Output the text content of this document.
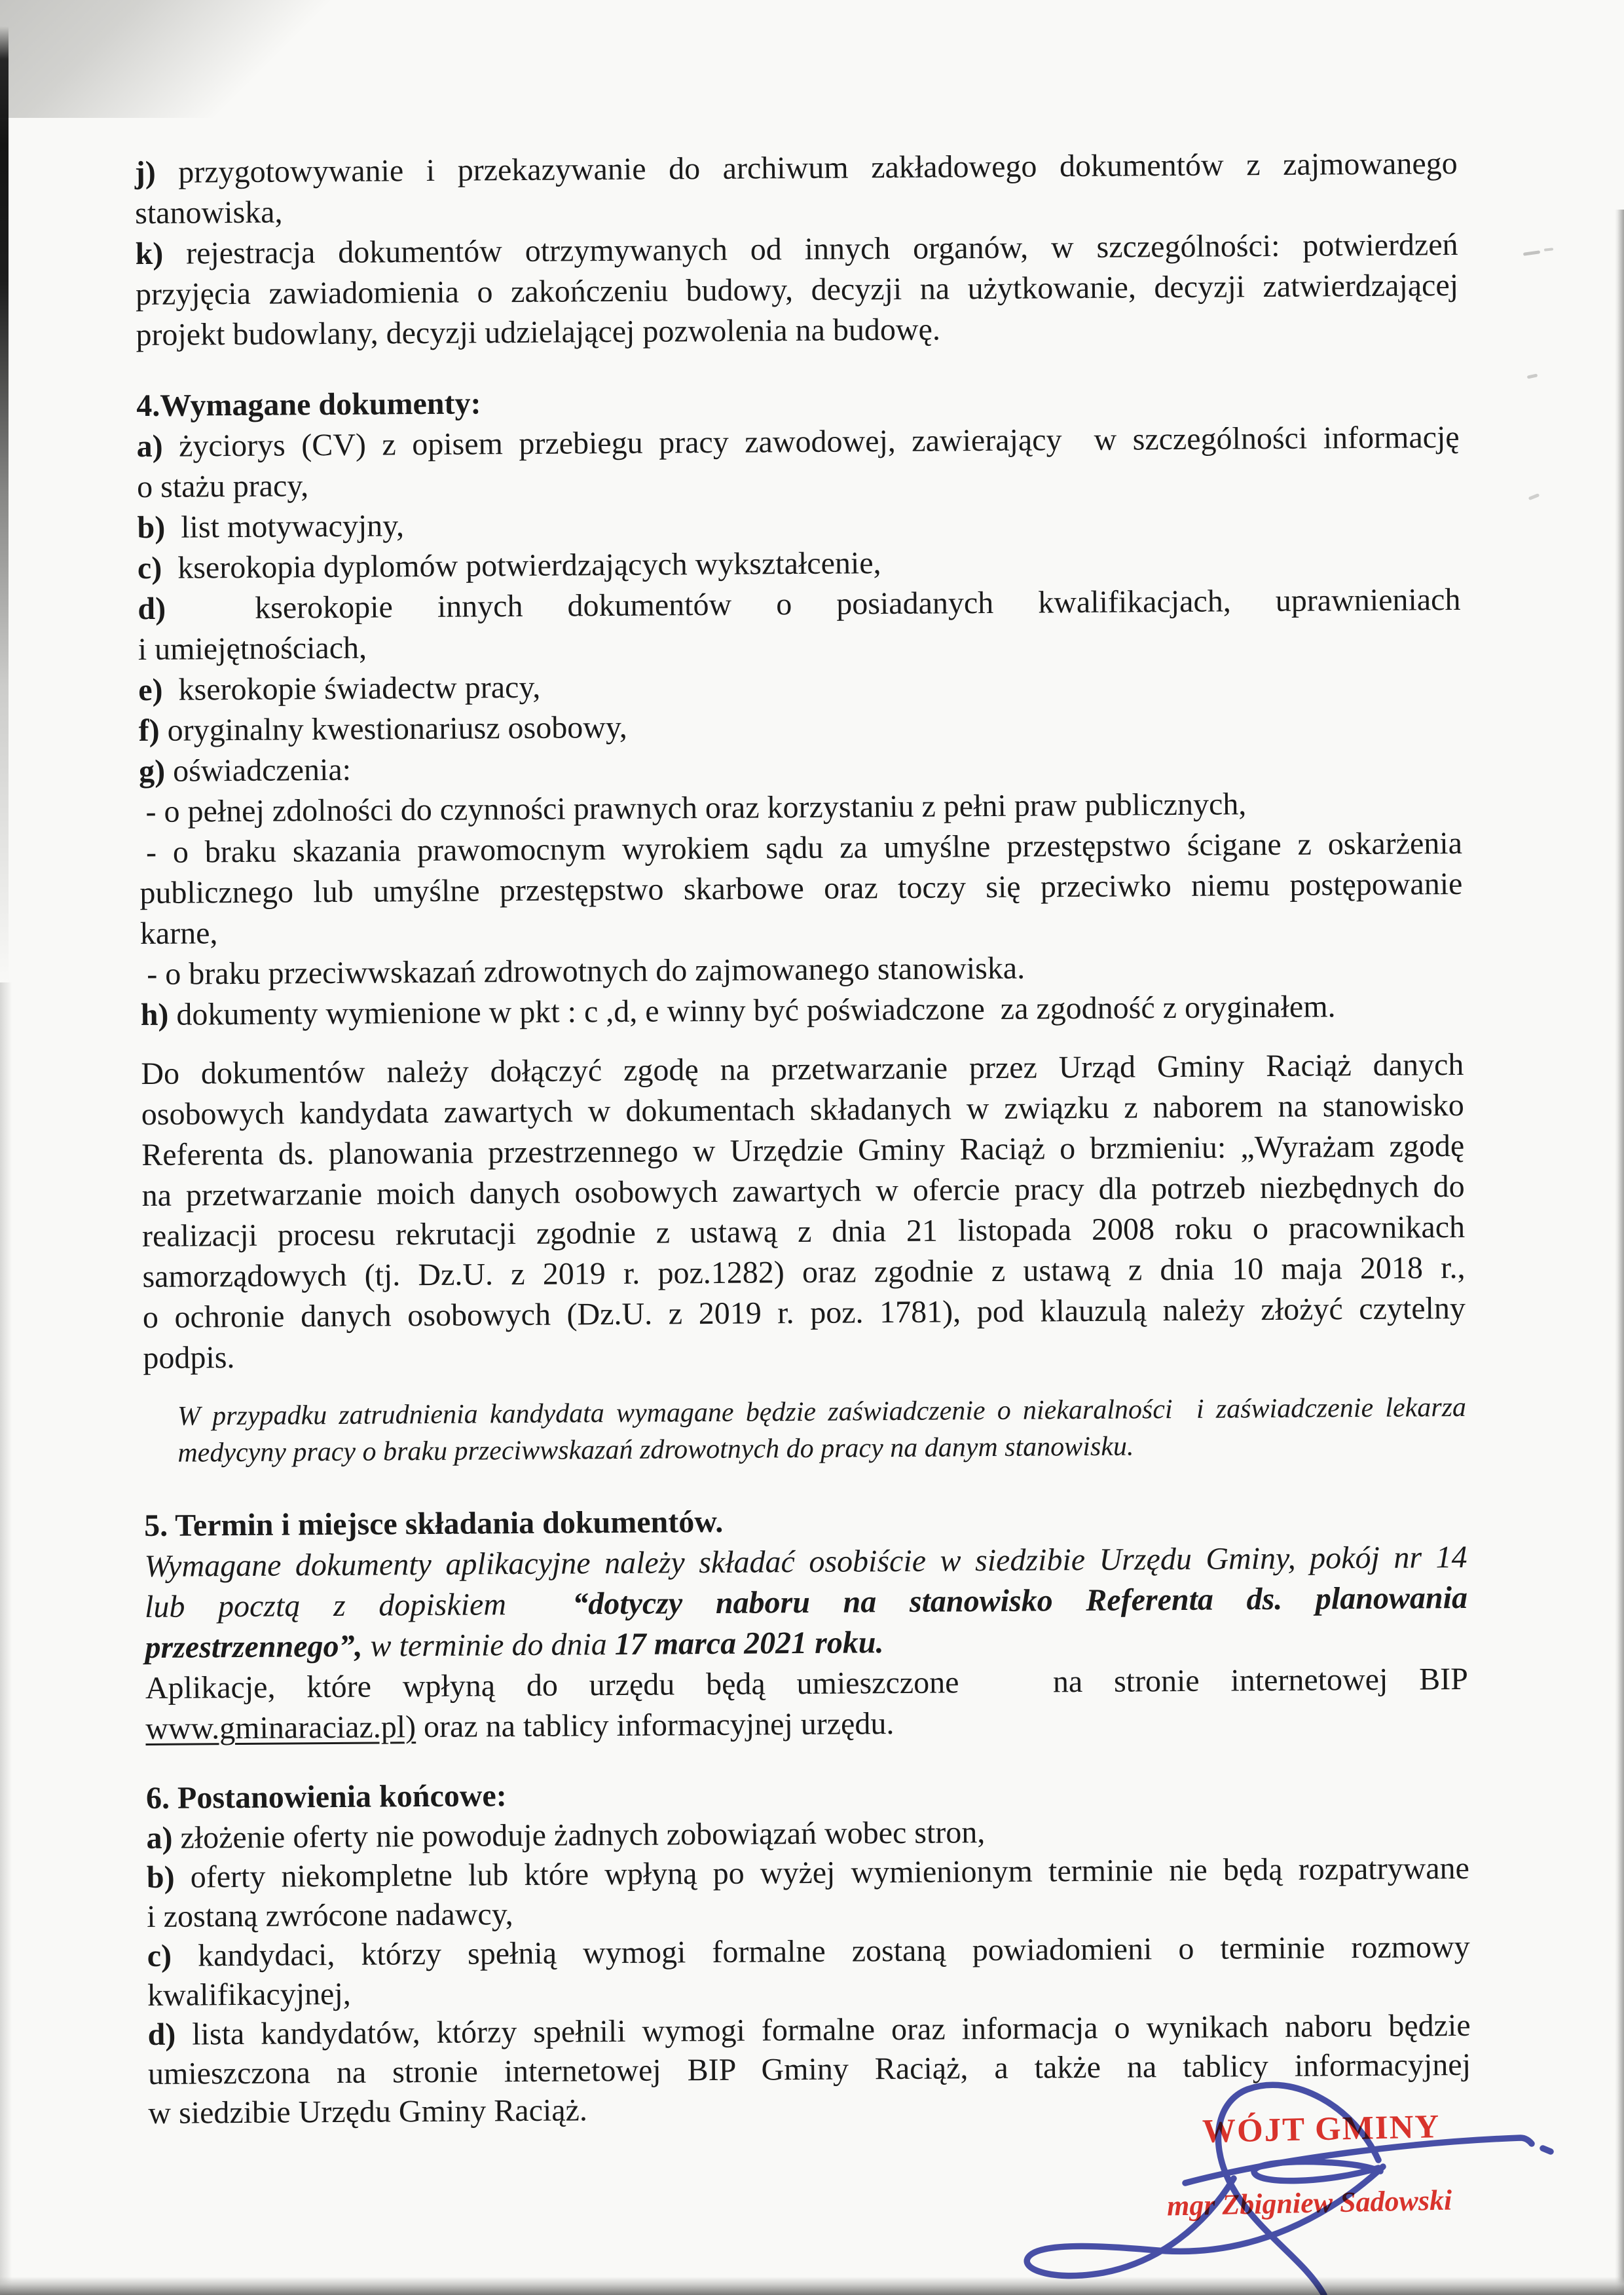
j) przygotowywanie i przekazywanie do archiwum zakładowego dokumentów z zajmowanego
stanowiska,
k) rejestracja dokumentów otrzymywanych od innych organów, w szczególności: potwierdzeń
przyjęcia zawiadomienia o zakończeniu budowy, decyzji na użytkowanie, decyzji zatwierdzającej
projekt budowlany, decyzji udzielającej pozwolenia na budowę.
4.Wymagane dokumenty:
a) życiorys (CV) z opisem przebiegu pracy zawodowej, zawierający  w szczególności informację
o stażu pracy,
b)  list motywacyjny,
c)  kserokopia dyplomów potwierdzających wykształcenie,
d)  kserokopie innych dokumentów o posiadanych kwalifikacjach, uprawnieniach
i umiejętnościach,
e)  kserokopie świadectw pracy,
f) oryginalny kwestionariusz osobowy,
g) oświadczenia:
- o pełnej zdolności do czynności prawnych oraz korzystaniu z pełni praw publicznych,
- o braku skazania prawomocnym wyrokiem sądu za umyślne przestępstwo ścigane z oskarżenia
publicznego lub umyślne przestępstwo skarbowe oraz toczy się przeciwko niemu postępowanie
karne,
- o braku przeciwwskazań zdrowotnych do zajmowanego stanowiska.
h) dokumenty wymienione w pkt : c ,d, e winny być poświadczone  za zgodność z oryginałem.
Do dokumentów należy dołączyć zgodę na przetwarzanie przez Urząd Gminy Raciąż danych
osobowych kandydata zawartych w dokumentach składanych w związku z naborem na stanowisko
Referenta ds. planowania przestrzennego w Urzędzie Gminy Raciąż o brzmieniu: „Wyrażam zgodę
na przetwarzanie moich danych osobowych zawartych w ofercie pracy dla potrzeb niezbędnych do
realizacji procesu rekrutacji zgodnie z ustawą z dnia 21 listopada 2008 roku o pracownikach
samorządowych (tj. Dz.U. z 2019 r. poz.1282) oraz zgodnie z ustawą z dnia 10 maja 2018 r.,
o ochronie danych osobowych (Dz.U. z 2019 r. poz. 1781), pod klauzulą należy złożyć czytelny
podpis.
W przypadku zatrudnienia kandydata wymagane będzie zaświadczenie o niekaralności  i zaświadczenie lekarza
medycyny pracy o braku przeciwwskazań zdrowotnych do pracy na danym stanowisku.
5. Termin i miejsce składania dokumentów.
Wymagane dokumenty aplikacyjne należy składać osobiście w siedzibie Urzędu Gminy, pokój nr 14
lub pocztą z dopiskiem  “dotyczy naboru na stanowisko Referenta ds. planowania
przestrzennego”, w terminie do dnia 17 marca 2021 roku.
Aplikacje, które wpłyną do urzędu będą umieszczone   na stronie internetowej BIP
www.gminaraciaz.pl) oraz na tablicy informacyjnej urzędu.
6. Postanowienia końcowe:
a) złożenie oferty nie powoduje żadnych zobowiązań wobec stron,
b) oferty niekompletne lub które wpłyną po wyżej wymienionym terminie nie będą rozpatrywane
i zostaną zwrócone nadawcy,
c) kandydaci, którzy spełnią wymogi formalne zostaną powiadomieni o terminie rozmowy
kwalifikacyjnej,
d) lista kandydatów, którzy spełnili wymogi formalne oraz informacja o wynikach naboru będzie
umieszczona na stronie internetowej BIP Gminy Raciąż, a także na tablicy informacyjnej
w siedzibie Urzędu Gminy Raciąż.	WÓJT GMINY
mgr Zbigniew Sadowski
